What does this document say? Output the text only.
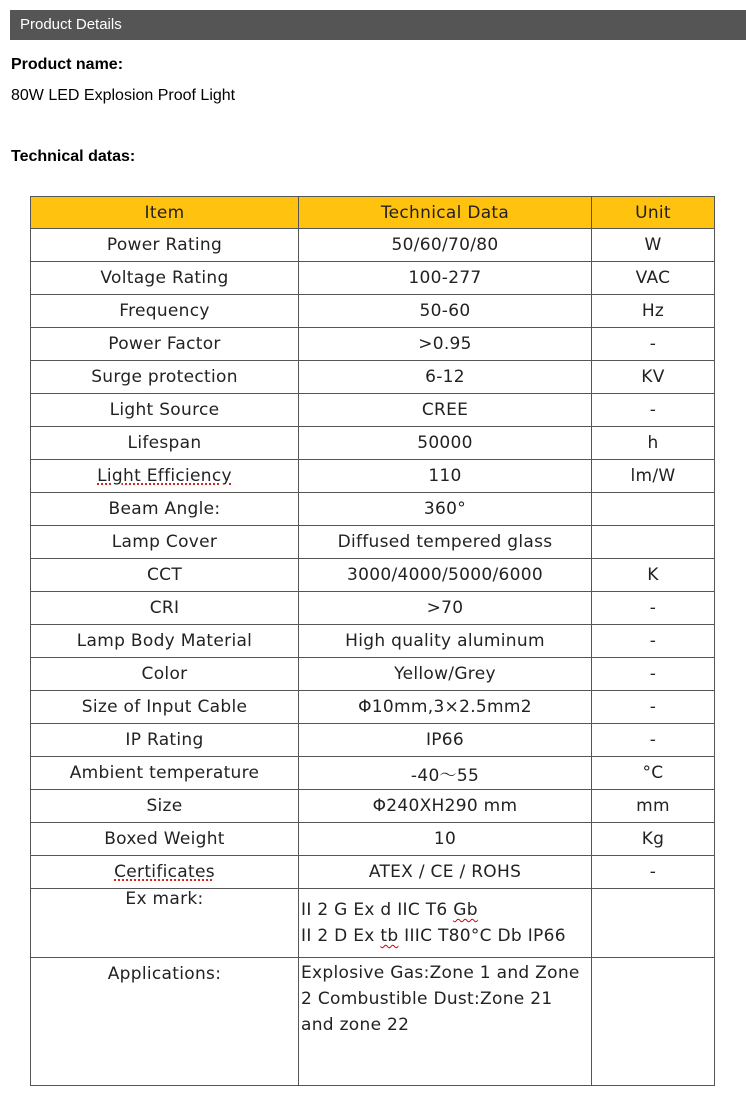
Product Details
Product name:
80W LED Explosion Proof Light
Technical datas:
Item	Technical Data	Unit
Power Rating	50/60/70/80	W
Voltage Rating	100-277	VAC
Frequency	50-60	Hz
Power Factor	>0.95	-
Surge protection	6-12	KV
Light Source	CREE	-
Lifespan	50000	h
Light Efficiency	110	lm/W
Beam Angle:	360°	
Lamp Cover	Diffused tempered glass	
CCT	3000/4000/5000/6000	K
CRI	>70	-
Lamp Body Material	High quality aluminum	-
Color	Yellow/Grey	-
Size of Input Cable	Φ10mm,3×2.5mm2	-
IP Rating	IP66	-
Ambient temperature	-40～55	°C
Size	Φ240XH290 mm	mm
Boxed Weight	10	Kg
Certificates	ATEX / CE / ROHS	-
Ex mark:	II 2 G Ex d IIC T6 Gb
II 2 D Ex tb IIIC T80°C Db IP66	
Applications:	Explosive Gas:Zone 1 and Zone 2 Combustible Dust:Zone 21 and zone 22	
